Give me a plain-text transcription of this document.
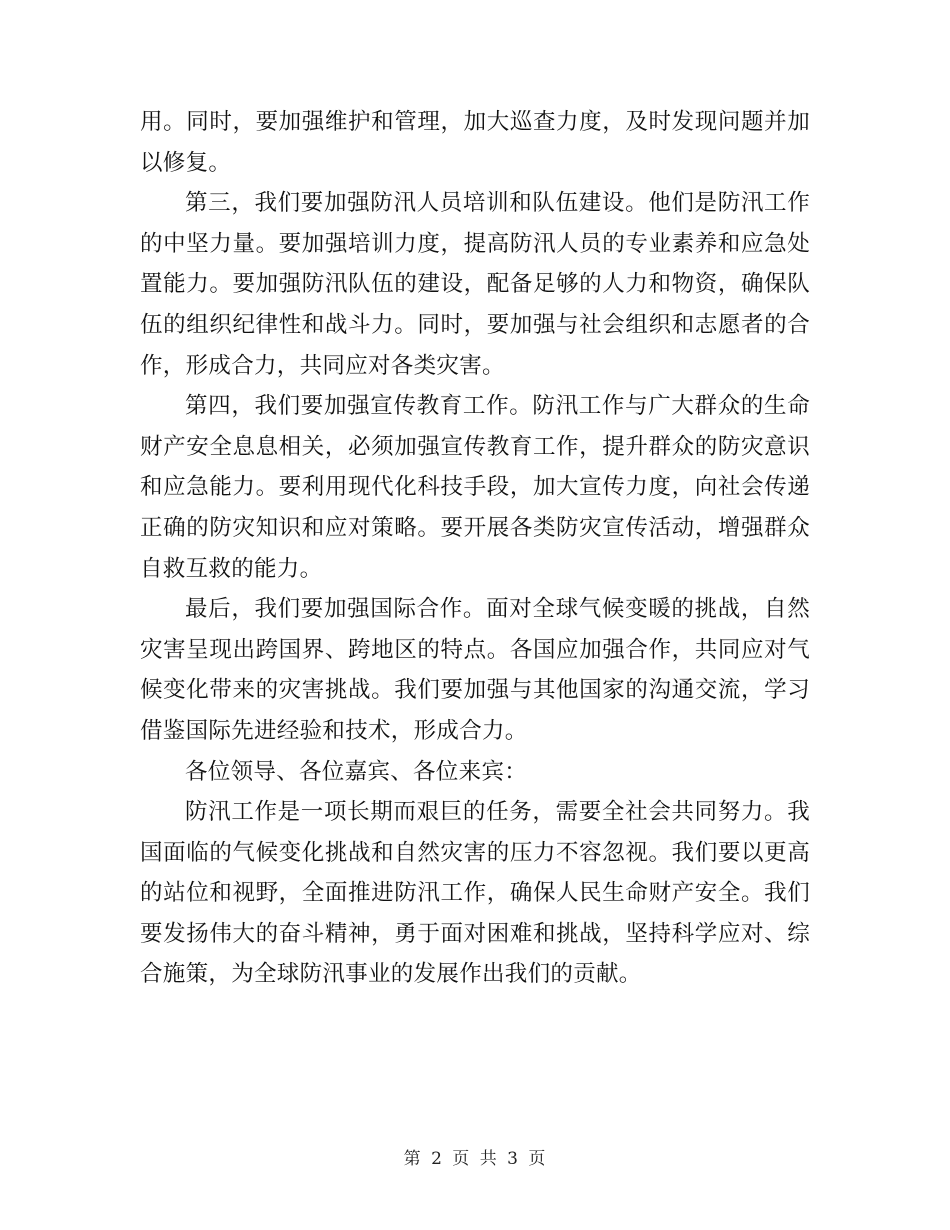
用。同时，要加强维护和管理，加大巡查力度，及时发现问题并加以修复。

第三，我们要加强防汛人员培训和队伍建设。他们是防汛工作的中坚力量。要加强培训力度，提高防汛人员的专业素养和应急处置能力。要加强防汛队伍的建设，配备足够的人力和物资，确保队伍的组织纪律性和战斗力。同时，要加强与社会组织和志愿者的合作，形成合力，共同应对各类灾害。

第四，我们要加强宣传教育工作。防汛工作与广大群众的生命财产安全息息相关，必须加强宣传教育工作，提升群众的防灾意识和应急能力。要利用现代化科技手段，加大宣传力度，向社会传递正确的防灾知识和应对策略。要开展各类防灾宣传活动，增强群众自救互救的能力。

最后，我们要加强国际合作。面对全球气候变暖的挑战，自然灾害呈现出跨国界、跨地区的特点。各国应加强合作，共同应对气候变化带来的灾害挑战。我们要加强与其他国家的沟通交流，学习借鉴国际先进经验和技术，形成合力。

各位领导、各位嘉宾、各位来宾：

防汛工作是一项长期而艰巨的任务，需要全社会共同努力。我国面临的气候变化挑战和自然灾害的压力不容忽视。我们要以更高的站位和视野，全面推进防汛工作，确保人民生命财产安全。我们要发扬伟大的奋斗精神，勇于面对困难和挑战，坚持科学应对、综合施策，为全球防汛事业的发展作出我们的贡献。

第 2 页 共 3 页
